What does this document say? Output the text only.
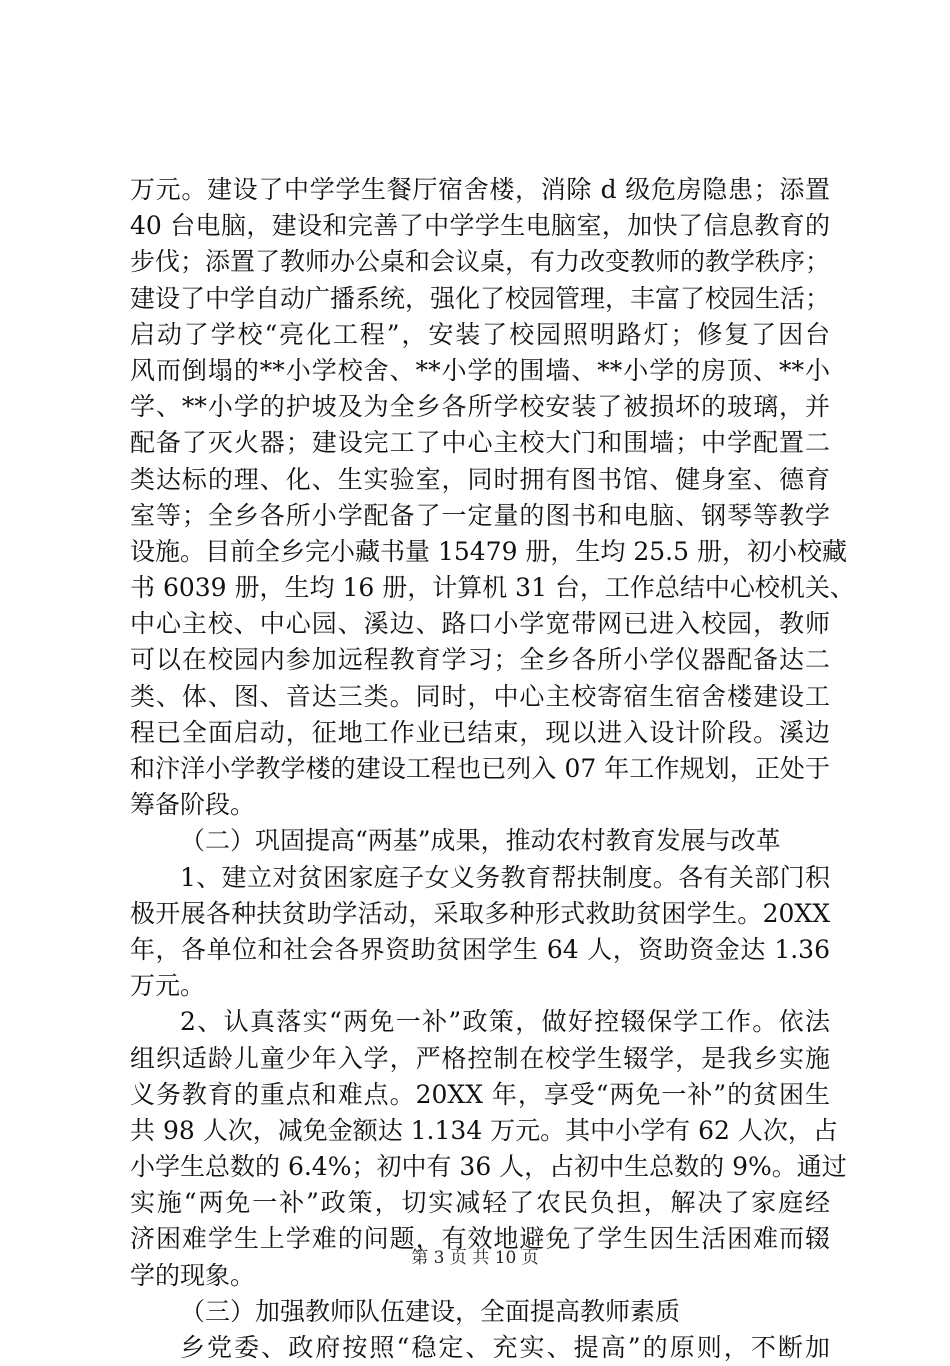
万元。建设了中学学生餐厅宿舍楼，消除 d 级危房隐患；添置
40 台电脑，建设和完善了中学学生电脑室，加快了信息教育的
步伐；添置了教师办公桌和会议桌，有力改变教师的教学秩序；
建设了中学自动广播系统，强化了校园管理，丰富了校园生活；
启动了学校“亮化工程”，安装了校园照明路灯；修复了因台
风而倒塌的**小学校舍、**小学的围墙、**小学的房顶、**小
学、**小学的护坡及为全乡各所学校安装了被损坏的玻璃，并
配备了灭火器；建设完工了中心主校大门和围墙；中学配置二
类达标的理、化、生实验室，同时拥有图书馆、健身室、德育
室等；全乡各所小学配备了一定量的图书和电脑、钢琴等教学
设施。目前全乡完小藏书量 15479 册，生均 25.5 册，初小校藏
书 6039 册，生均 16 册，计算机 31 台，工作总结中心校机关、
中心主校、中心园、溪边、路口小学宽带网已进入校园，教师
可以在校园内参加远程教育学习；全乡各所小学仪器配备达二
类、体、图、音达三类。同时，中心主校寄宿生宿舍楼建设工
程已全面启动，征地工作业已结束，现以进入设计阶段。溪边
和汴洋小学教学楼的建设工程也已列入 07 年工作规划，正处于
筹备阶段。
（二）巩固提高“两基”成果，推动农村教育发展与改革
1、建立对贫困家庭子女义务教育帮扶制度。各有关部门积
极开展各种扶贫助学活动，采取多种形式救助贫困学生。20XX
年，各单位和社会各界资助贫困学生 64 人，资助资金达 1.36
万元。
2、认真落实“两免一补”政策，做好控辍保学工作。依法
组织适龄儿童少年入学，严格控制在校学生辍学，是我乡实施
义务教育的重点和难点。20XX 年，享受“两免一补”的贫困生
共 98 人次，减免金额达 1.134 万元。其中小学有 62 人次，占
小学生总数的 6.4%；初中有 36 人，占初中生总数的 9%。通过
实施“两免一补”政策，切实减轻了农民负担，解决了家庭经
济困难学生上学难的问题，有效地避免了学生因生活困难而辍
学的现象。
（三）加强教师队伍建设，全面提高教师素质
乡党委、政府按照“稳定、充实、提高”的原则，不断加
第 3 页 共 10 页
